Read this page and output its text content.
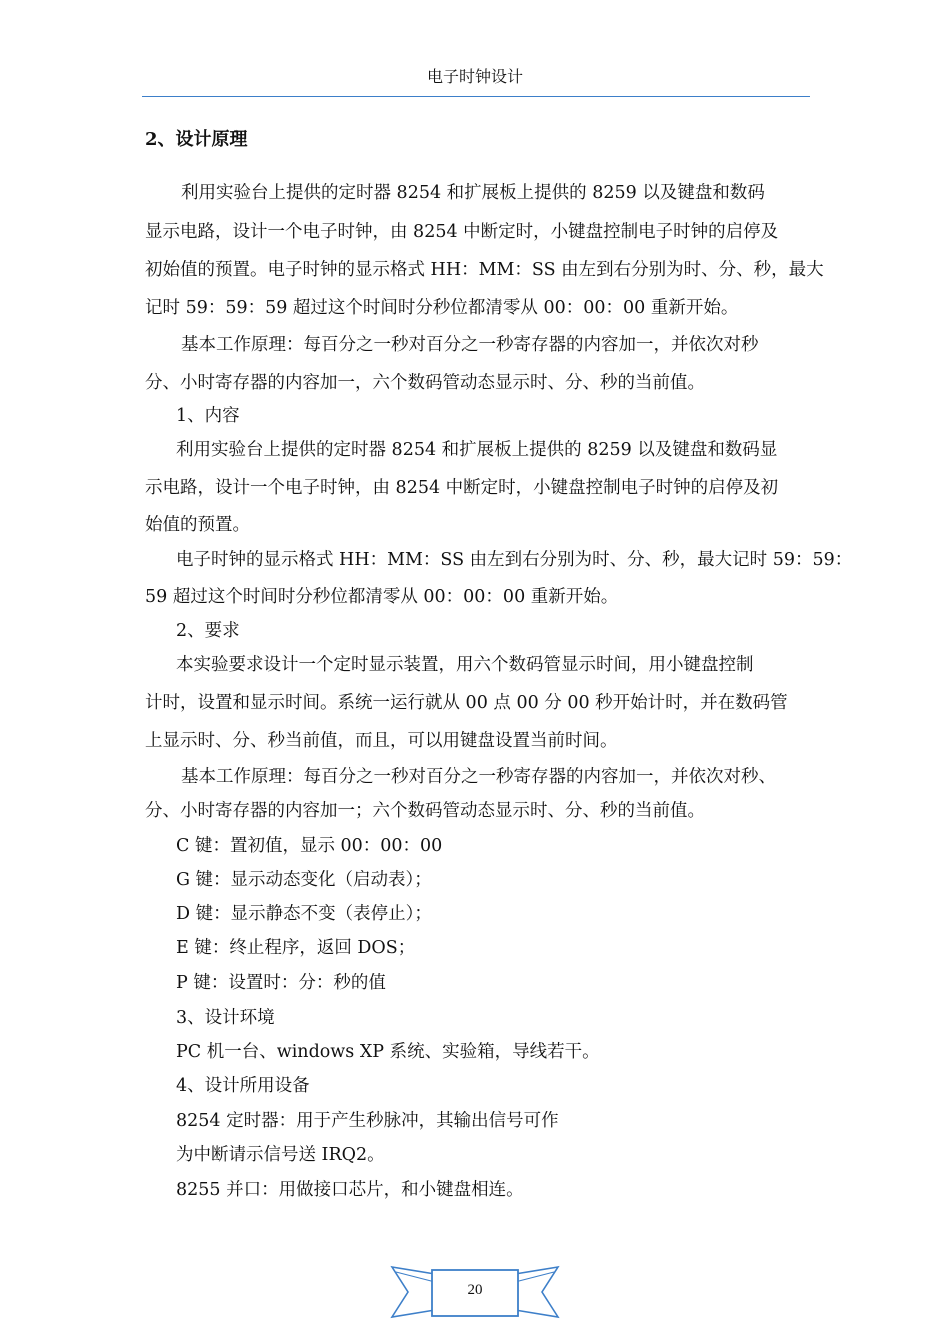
电子时钟设计
2、设计原理
利用实验台上提供的定时器 8254 和扩展板上提供的 8259 以及键盘和数码
显示电路，设计一个电子时钟，由 8254 中断定时，小键盘控制电子时钟的启停及
初始值的预置。电子时钟的显示格式 HH：MM：SS 由左到右分别为时、分、秒，最大
记时 59：59：59 超过这个时间时分秒位都清零从 00：00：00 重新开始。
基本工作原理：每百分之一秒对百分之一秒寄存器的内容加一，并依次对秒
分、小时寄存器的内容加一，六个数码管动态显示时、分、秒的当前值。
1、内容
利用实验台上提供的定时器 8254 和扩展板上提供的 8259 以及键盘和数码显
示电路，设计一个电子时钟，由 8254 中断定时，小键盘控制电子时钟的启停及初
始值的预置。
电子时钟的显示格式 HH：MM：SS 由左到右分别为时、分、秒，最大记时 59：59：
59 超过这个时间时分秒位都清零从 00：00：00 重新开始。
2、要求
本实验要求设计一个定时显示装置，用六个数码管显示时间，用小键盘控制
计时，设置和显示时间。系统一运行就从 00 点 00 分 00 秒开始计时，并在数码管
上显示时、分、秒当前值，而且，可以用键盘设置当前时间。
基本工作原理：每百分之一秒对百分之一秒寄存器的内容加一，并依次对秒、
分、小时寄存器的内容加一；六个数码管动态显示时、分、秒的当前值。
C 键：置初值，显示 00：00：00
G 键：显示动态变化（启动表）；
D 键：显示静态不变（表停止）；
E 键：终止程序，返回 DOS；
P 键：设置时：分：秒的值
3、设计环境
PC 机一台、windows XP 系统、实验箱，导线若干。
4、设计所用设备
8254 定时器：用于产生秒脉冲，其输出信号可作
为中断请示信号送 IRQ2。
8255 并口：用做接口芯片，和小键盘相连。
20
